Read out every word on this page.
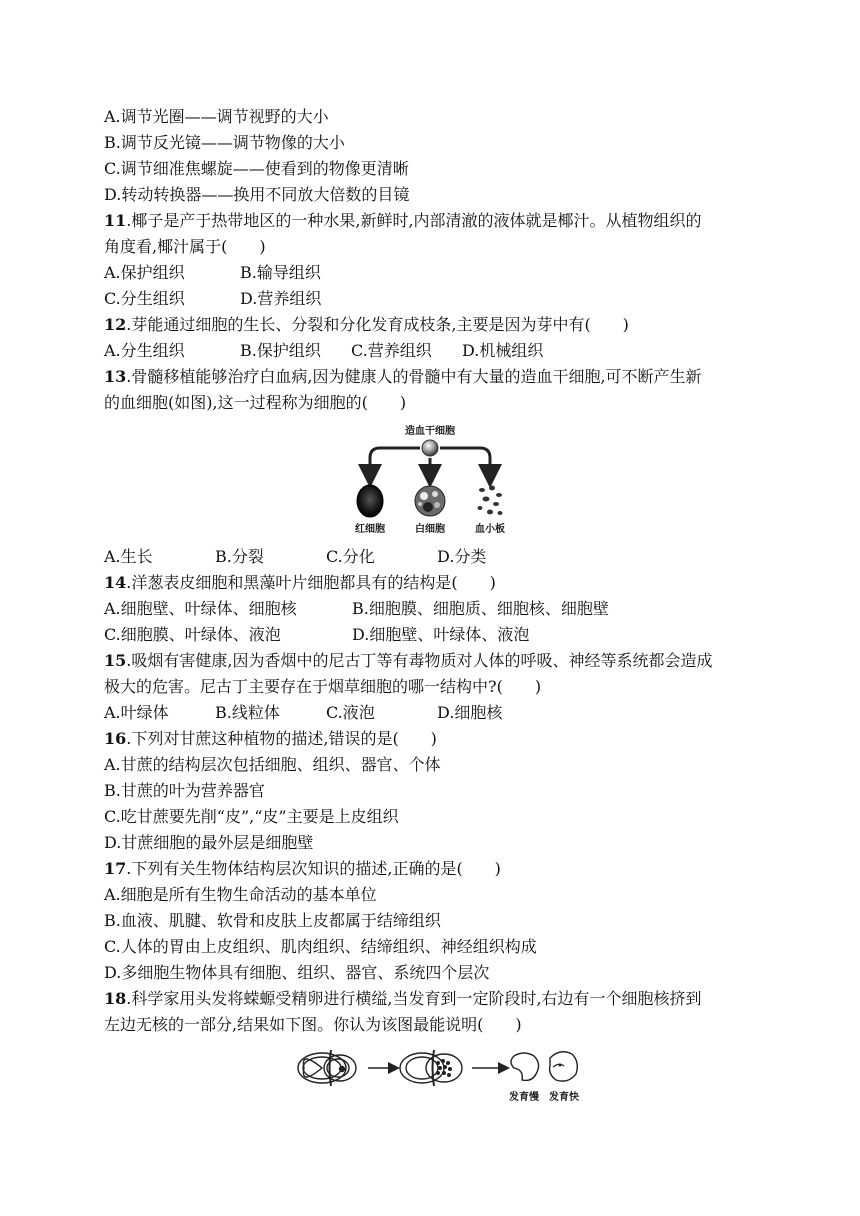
A.调节光圈——调节视野的大小
B.调节反光镜——调节物像的大小
C.调节细准焦螺旋——使看到的物像更清晰
D.转动转换器——换用不同放大倍数的目镜
11.椰子是产于热带地区的一种水果,新鲜时,内部清澈的液体就是椰汁。从植物组织的
角度看,椰汁属于(　　)
A.保护组织	B.输导组织
C.分生组织	D.营养组织
12.芽能通过细胞的生长、分裂和分化发育成枝条,主要是因为芽中有(　　)
A.分生组织	B.保护组织	C.营养组织	D.机械组织
13.骨髓移植能够治疗白血病,因为健康人的骨髓中有大量的造血干细胞,可不断产生新
的血细胞(如图),这一过程称为细胞的(　　)
造血干细胞
红细胞	白细胞	血小板
A.生长	B.分裂	C.分化	D.分类
14.洋葱表皮细胞和黑藻叶片细胞都具有的结构是(　　)
A.细胞壁、叶绿体、细胞核	B.细胞膜、细胞质、细胞核、细胞壁
C.细胞膜、叶绿体、液泡	D.细胞壁、叶绿体、液泡
15.吸烟有害健康,因为香烟中的尼古丁等有毒物质对人体的呼吸、神经等系统都会造成
极大的危害。尼古丁主要存在于烟草细胞的哪一结构中?(　　)
A.叶绿体	B.线粒体	C.液泡	D.细胞核
16.下列对甘蔗这种植物的描述,错误的是(　　)
A.甘蔗的结构层次包括细胞、组织、器官、个体
B.甘蔗的叶为营养器官
C.吃甘蔗要先削“皮”,“皮”主要是上皮组织
D.甘蔗细胞的最外层是细胞壁
17.下列有关生物体结构层次知识的描述,正确的是(　　)
A.细胞是所有生物生命活动的基本单位
B.血液、肌腱、软骨和皮肤上皮都属于结缔组织
C.人体的胃由上皮组织、肌肉组织、结缔组织、神经组织构成
D.多细胞生物体具有细胞、组织、器官、系统四个层次
18.科学家用头发将蝾螈受精卵进行横缢,当发育到一定阶段时,右边有一个细胞核挤到
左边无核的一部分,结果如下图。你认为该图最能说明(　　)
发育慢 发育快
